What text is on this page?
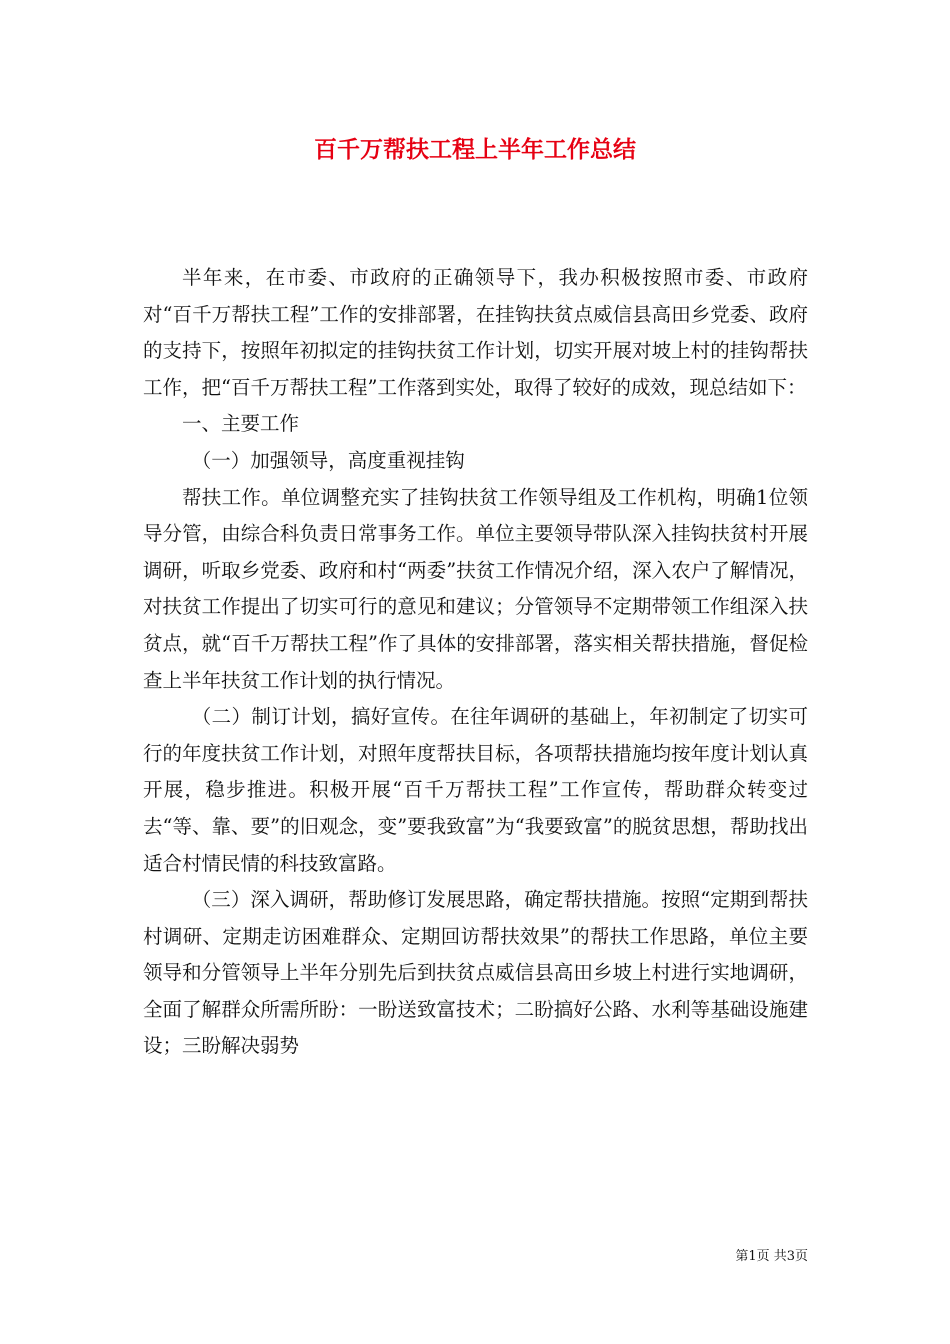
百千万帮扶工程上半年工作总结

半年来，在市委、市政府的正确领导下，我办积极按照市委、市政府对“百千万帮扶工程”工作的安排部署，在挂钩扶贫点威信县高田乡党委、政府的支持下，按照年初拟定的挂钩扶贫工作计划，切实开展对坡上村的挂钩帮扶工作，把“百千万帮扶工程”工作落到实处，取得了较好的成效，现总结如下：

一、主要工作

（一）加强领导，高度重视挂钩

帮扶工作。单位调整充实了挂钩扶贫工作领导组及工作机构，明确1位领导分管，由综合科负责日常事务工作。单位主要领导带队深入挂钩扶贫村开展调研，听取乡党委、政府和村“两委”扶贫工作情况介绍，深入农户了解情况，对扶贫工作提出了切实可行的意见和建议；分管领导不定期带领工作组深入扶贫点，就“百千万帮扶工程”作了具体的安排部署，落实相关帮扶措施，督促检查上半年扶贫工作计划的执行情况。

（二）制订计划，搞好宣传。在往年调研的基础上，年初制定了切实可行的年度扶贫工作计划，对照年度帮扶目标，各项帮扶措施均按年度计划认真开展，稳步推进。积极开展“百千万帮扶工程”工作宣传，帮助群众转变过去“等、靠、要”的旧观念，变”要我致富”为“我要致富”的脱贫思想，帮助找出适合村情民情的科技致富路。

（三）深入调研，帮助修订发展思路，确定帮扶措施。按照“定期到帮扶村调研、定期走访困难群众、定期回访帮扶效果”的帮扶工作思路，单位主要领导和分管领导上半年分别先后到扶贫点威信县高田乡坡上村进行实地调研，全面了解群众所需所盼：一盼送致富技术；二盼搞好公路、水利等基础设施建设；三盼解决弱势

第1页 共3页
